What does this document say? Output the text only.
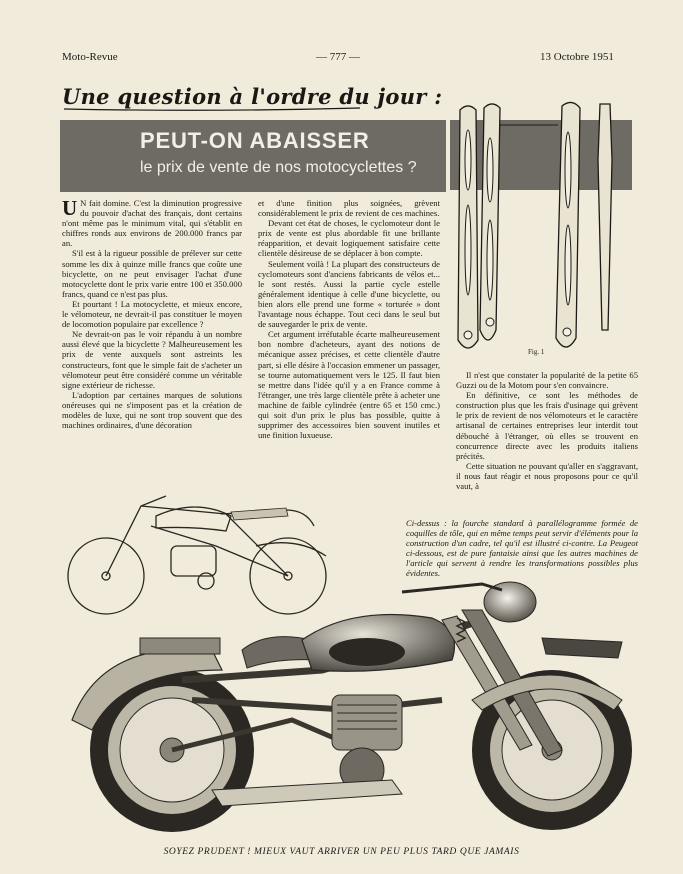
Moto-Revue	— 777 —	13 Octobre 1951
Une question à l'ordre du jour :
PEUT-ON ABAISSER
le prix de vente de nos motocyclettes ?
Fig. 1

U N fait domine. C'est la diminution progressive du pouvoir d'achat des français, dont certains n'ont même pas le minimum vital, qui s'établit en chiffres ronds aux environs de 200.000 francs par an.

S'il est à la rigueur possible de prélever sur cette somme les dix à quinze mille francs que coûte une bicyclette, on ne peut envisager l'achat d'une motocyclette dont le prix varie entre 100 et 350.000 francs, quand ce n'est pas plus.

Et pourtant ! La motocyclette, et mieux encore, le vélomoteur, ne devrait-il pas constituer le moyen de locomotion populaire par excellence ?

Ne devrait-on pas le voir répandu à un nombre aussi élevé que la bicyclette ? Malheureusement les prix de vente auxquels sont astreints les constructeurs, font que le simple fait de s'acheter un vélomoteur peut être considéré comme un véritable signe extérieur de richesse.

L'adoption par certaines marques de solutions onéreuses qui ne s'imposent pas et la création de modèles de luxe, qui ne sont trop souvent que des machines ordinaires, d'une décoration

et d'une finition plus soignées, grèvent considérablement le prix de revient de ces machines.

Devant cet état de choses, le cyclomoteur dont le prix de vente est plus abordable fit une brillante réapparition, et devait logiquement satisfaire cette clientèle désireuse de se déplacer à bon compte.

Seulement voilà ! La plupart des constructeurs de cyclomoteurs sont d'anciens fabricants de vélos et... le sont restés. Aussi la partie cycle estelle généralement identique à celle d'une bicyclette, ou bien alors elle prend une forme « torturée » dont l'avantage nous échappe. Tout ceci dans le seul but de sauvegarder le prix de vente.

Cet argument irréfutable écarte malheureusement bon nombre d'acheteurs, ayant des notions de mécanique assez précises, et cette clientèle d'autre part, si elle désire à l'occasion emmener un passager, se tourne automatiquement vers le 125. Il faut bien se mettre dans l'idée qu'il y a en France comme à l'étranger, une très large clientèle prête à acheter une machine de faible cylindrée (entre 65 et 150 cmc.) qui soit d'un prix le plus bas possible, quitte à supprimer des accessoires bien souvent inutiles et une finition luxueuse.

Il n'est que constater la popularité de la petite 65 Guzzi ou de la Motom pour s'en convaincre.

En définitive, ce sont les méthodes de construction plus que les frais d'usinage qui grèvent le prix de revient de nos vélomoteurs et le caractère artisanal de certaines entreprises leur interdit tout débouché à l'étranger, où elles se trouvent en concurrence directe avec les produits italiens précités.

Cette situation ne pouvant qu'aller en s'aggravant, il nous faut réagir et nous proposons pour ce qu'il vaut, à

Ci-dessus : la fourche standard à parallélogramme formée de coquilles de tôle, qui en même temps peut servir d'éléments pour la construction d'un cadre, tel qu'il est illustré ci-contre. La Peugeot ci-dessous, est de pure fantaisie ainsi que les autres machines de l'article qui servent à rendre les transformations possibles plus évidentes.
SOYEZ PRUDENT ! MIEUX VAUT ARRIVER UN PEU PLUS TARD QUE JAMAIS
